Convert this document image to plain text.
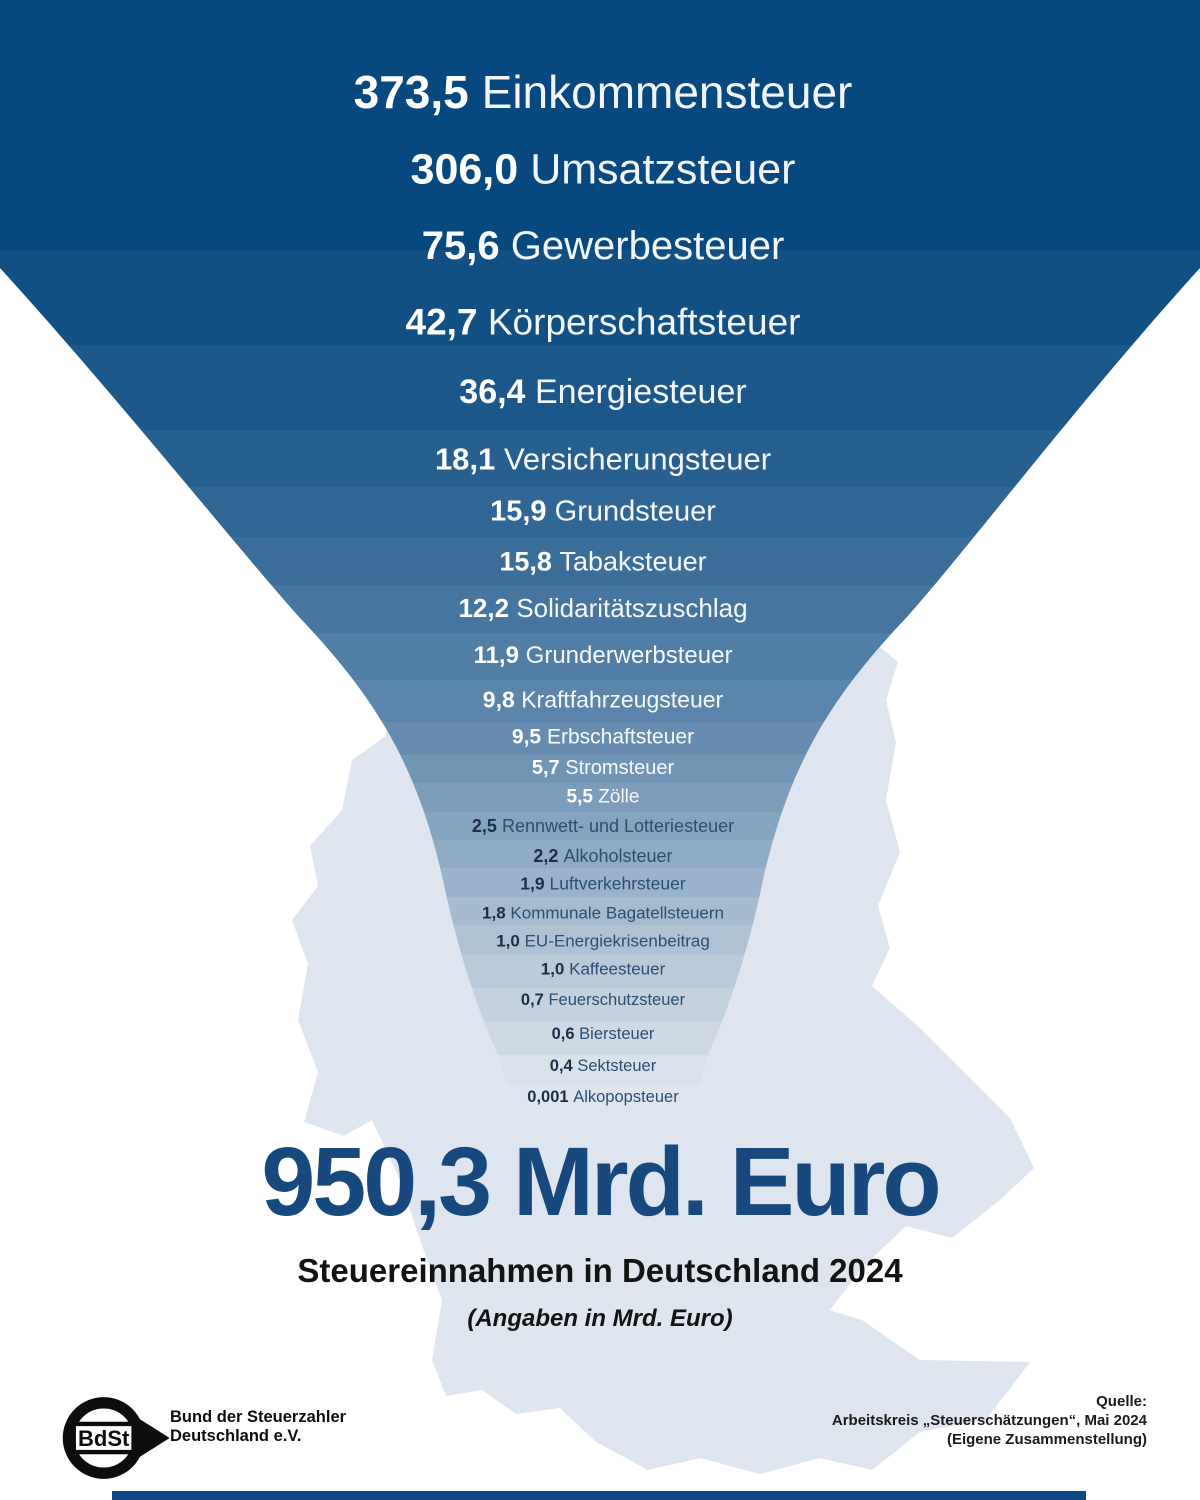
373,5 Einkommensteuer
306,0 Umsatzsteuer
75,6 Gewerbesteuer
42,7 Körperschaftsteuer
36,4 Energiesteuer
18,1 Versicherungsteuer
15,9 Grundsteuer
15,8 Tabaksteuer
12,2 Solidaritätszuschlag
11,9 Grunderwerbsteuer
9,8 Kraftfahrzeugsteuer
9,5 Erbschaftsteuer
5,7 Stromsteuer
5,5 Zölle
2,5 Rennwett- und Lotteriesteuer
2,2 Alkoholsteuer
1,9 Luftverkehrsteuer
1,8 Kommunale Bagatellsteuern
1,0 EU-Energiekrisenbeitrag
1,0 Kaffeesteuer
0,7 Feuerschutzsteuer
0,6 Biersteuer
0,4 Sektsteuer
0,001 Alkopopsteuer
950,3 Mrd. Euro
Steuereinnahmen in Deutschland 2024
(Angaben in Mrd. Euro)
BdSt
Bund der Steuerzahler
Deutschland e.V.
Quelle:
Arbeitskreis „Steuerschätzungen“, Mai 2024
(Eigene Zusammenstellung)
